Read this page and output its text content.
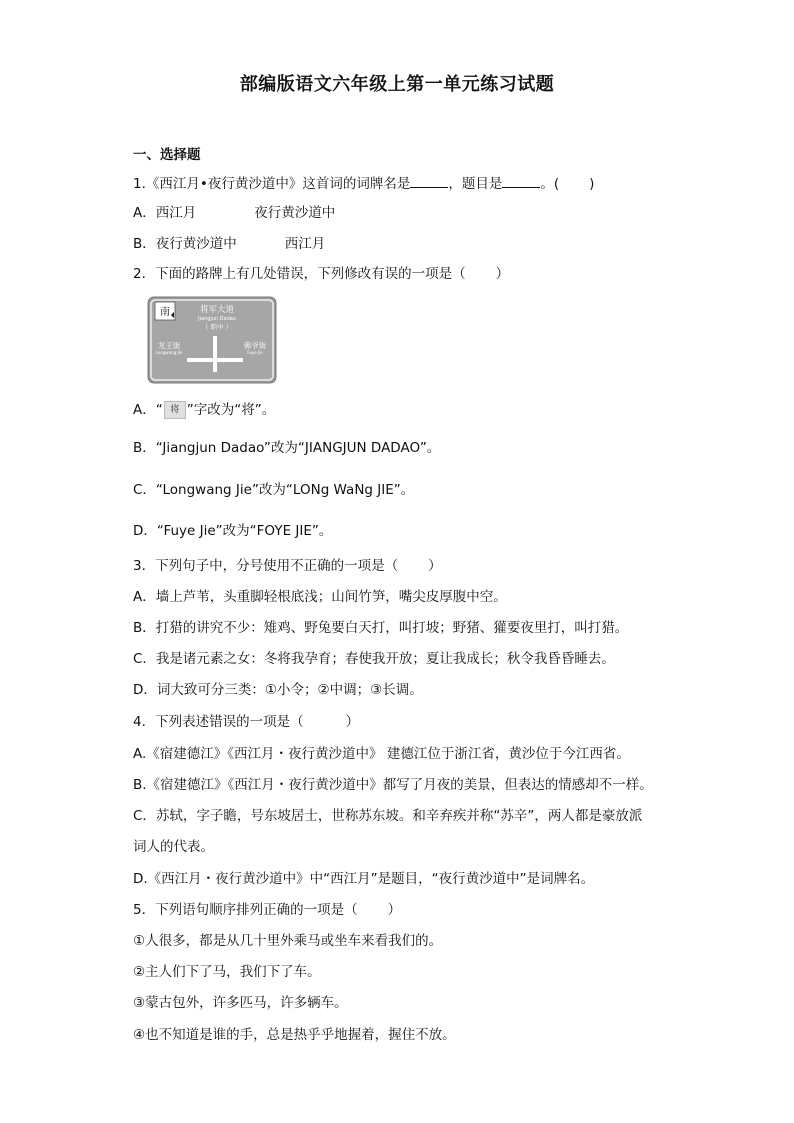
部编版语文六年级上第一单元练习试题
一、选择题
1.《西江月•夜行黄沙道中》这首词的词牌名是	，题目是	。( )
A．西江月	夜行黄沙道中
B．夜行黄沙道中	西江月
2．下面的路牌上有几处错误，下列修改有误的一项是（ ）
南	将军大道
Jiangjun Dadao
（ 职中 ）
龙王街
Longwang Jie
佛爷街
Fuye Jie
A．“ 将 ”字改为“将”。
B．“Jiangjun Dadao”改为“JIANGJUN DADAO”。
C．“Longwang Jie”改为“LONg WaNg JIE”。
D．“Fuye Jie”改为“FOYE JIE”。
3．下列句子中，分号使用不正确的一项是（ ）
A．墙上芦苇，头重脚轻根底浅；山间竹笋，嘴尖皮厚腹中空。
B．打猎的讲究不少：雉鸡、野兔要白天打，叫打坡；野猪、獾要夜里打，叫打猎。
C．我是诸元素之女：冬将我孕育；春使我开放；夏让我成长；秋令我昏昏睡去。
D．词大致可分三类：①小令；②中调；③长调。
4．下列表述错误的一项是（	）
A.《宿建德江》《西江月・夜行黄沙道中》 建德江位于浙江省，黄沙位于今江西省。
B.《宿建德江》《西江月・夜行黄沙道中》都写了月夜的美景，但表达的情感却不一样。
C．苏轼，字子瞻，号东坡居士，世称苏东坡。和辛弃疾并称“苏辛”，两人都是豪放派
词人的代表。
D.《西江月・夜行黄沙道中》中“西江月”是题目，“夜行黄沙道中”是词牌名。
5．下列语句顺序排列正确的一项是（ ）
①人很多，都是从几十里外乘马或坐车来看我们的。
②主人们下了马，我们下了车。
③蒙古包外，许多匹马，许多辆车。
④也不知道是谁的手，总是热乎乎地握着，握住不放。
